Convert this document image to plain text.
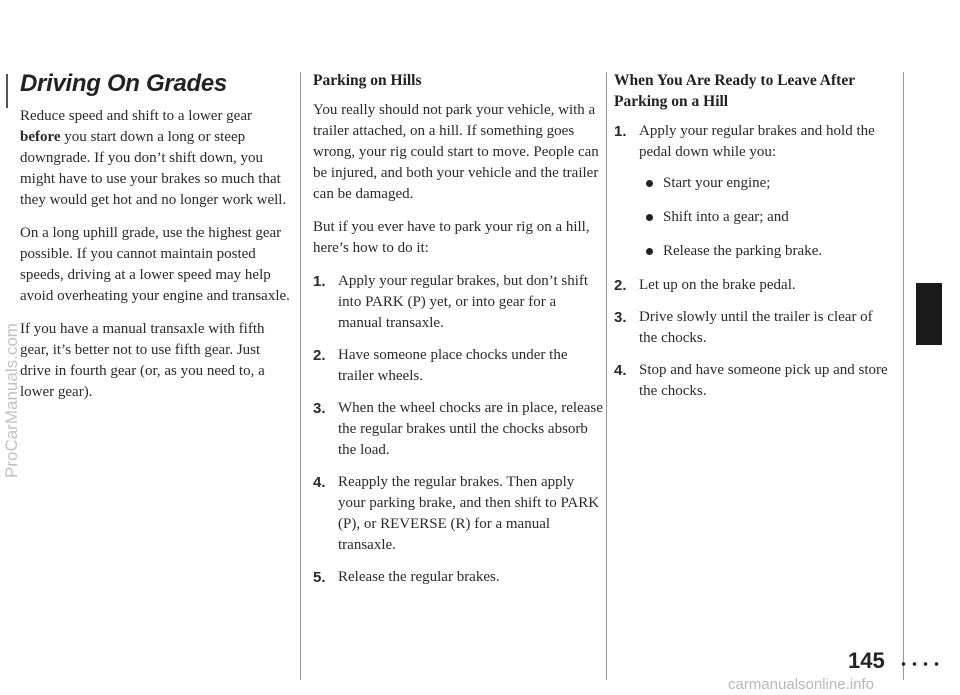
Driving On Grades

Reduce speed and shift to a lower gear before you start down a long or steep downgrade. If you don’t shift down, you might have to use your brakes so much that they would get hot and no longer work well.

On a long uphill grade, use the highest gear possible. If you cannot maintain posted speeds, driving at a lower speed may help avoid overheating your engine and transaxle.

If you have a manual transaxle with fifth gear, it’s better not to use fifth gear. Just drive in fourth gear (or, as you need to, a lower gear).

Parking on Hills

You really should not park your vehicle, with a trailer attached, on a hill. If something goes wrong, your rig could start to move. People can be injured, and both your vehicle and the trailer can be damaged.

But if you ever have to park your rig on a hill, here’s how to do it:

1. Apply your regular brakes, but don’t shift into PARK (P) yet, or into gear for a manual transaxle.
2. Have someone place chocks under the trailer wheels.
3. When the wheel chocks are in place, release the regular brakes until the chocks absorb the load.
4. Reapply the regular brakes. Then apply your parking brake, and then shift to PARK (P), or REVERSE (R) for a manual transaxle.
5. Release the regular brakes.
When You Are Ready to Leave After Parking on a Hill
1. Apply your regular brakes and hold the pedal down while you:
Start your engine;
Shift into a gear; and
Release the parking brake.
2. Let up on the brake pedal.
3. Drive slowly until the trailer is clear of the chocks.
4. Stop and have someone pick up and store the chocks.
145
ProCarManuals.com
carmanualsonline.info
